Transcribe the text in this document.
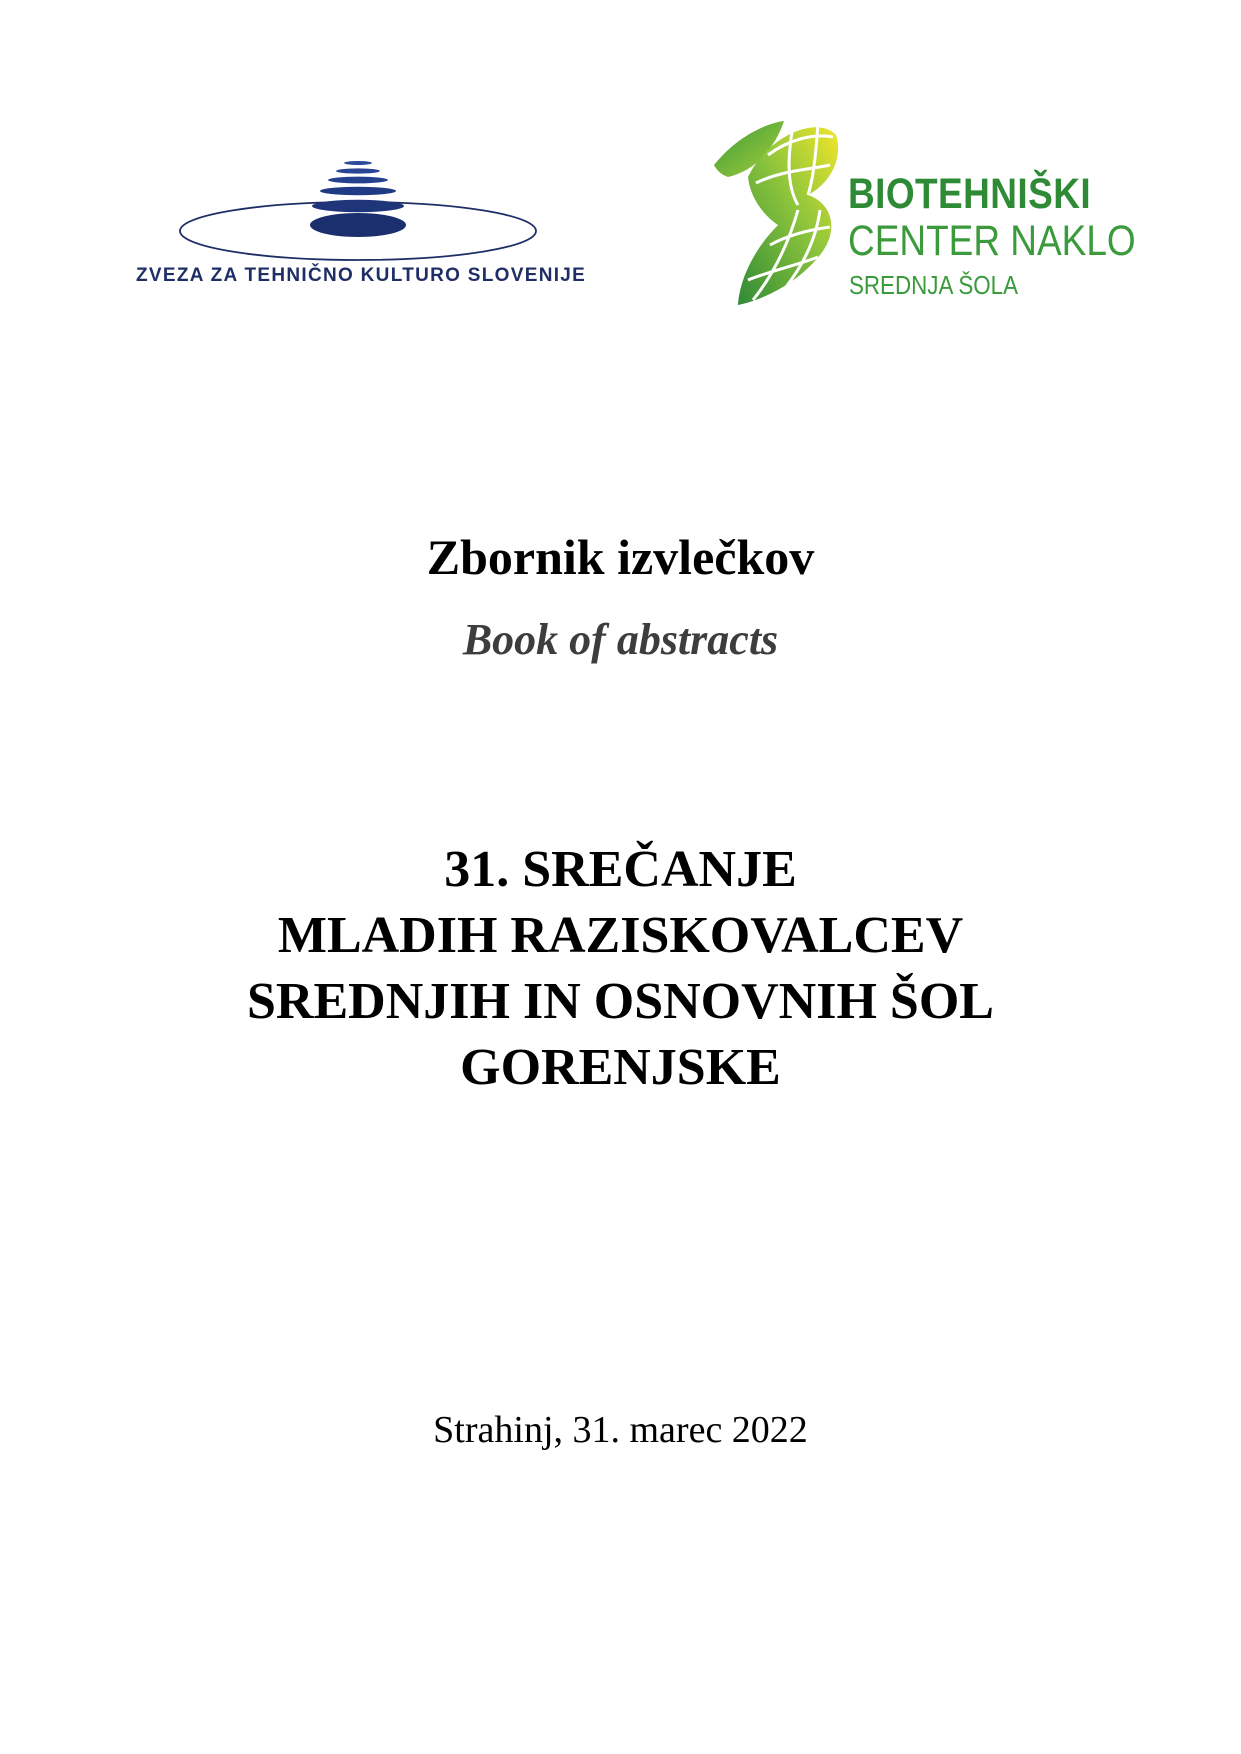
ZVEZA ZA TEHNIČNO KULTURO SLOVENIJE
BIOTEHNIŠKI
CENTER NAKLO
SREDNJA ŠOLA
Zbornik izvlečkov
Book of abstracts
31. SREČANJE
MLADIH RAZISKOVALCEV
SREDNJIH IN OSNOVNIH ŠOL
GORENJSKE
Strahinj, 31. marec 2022
